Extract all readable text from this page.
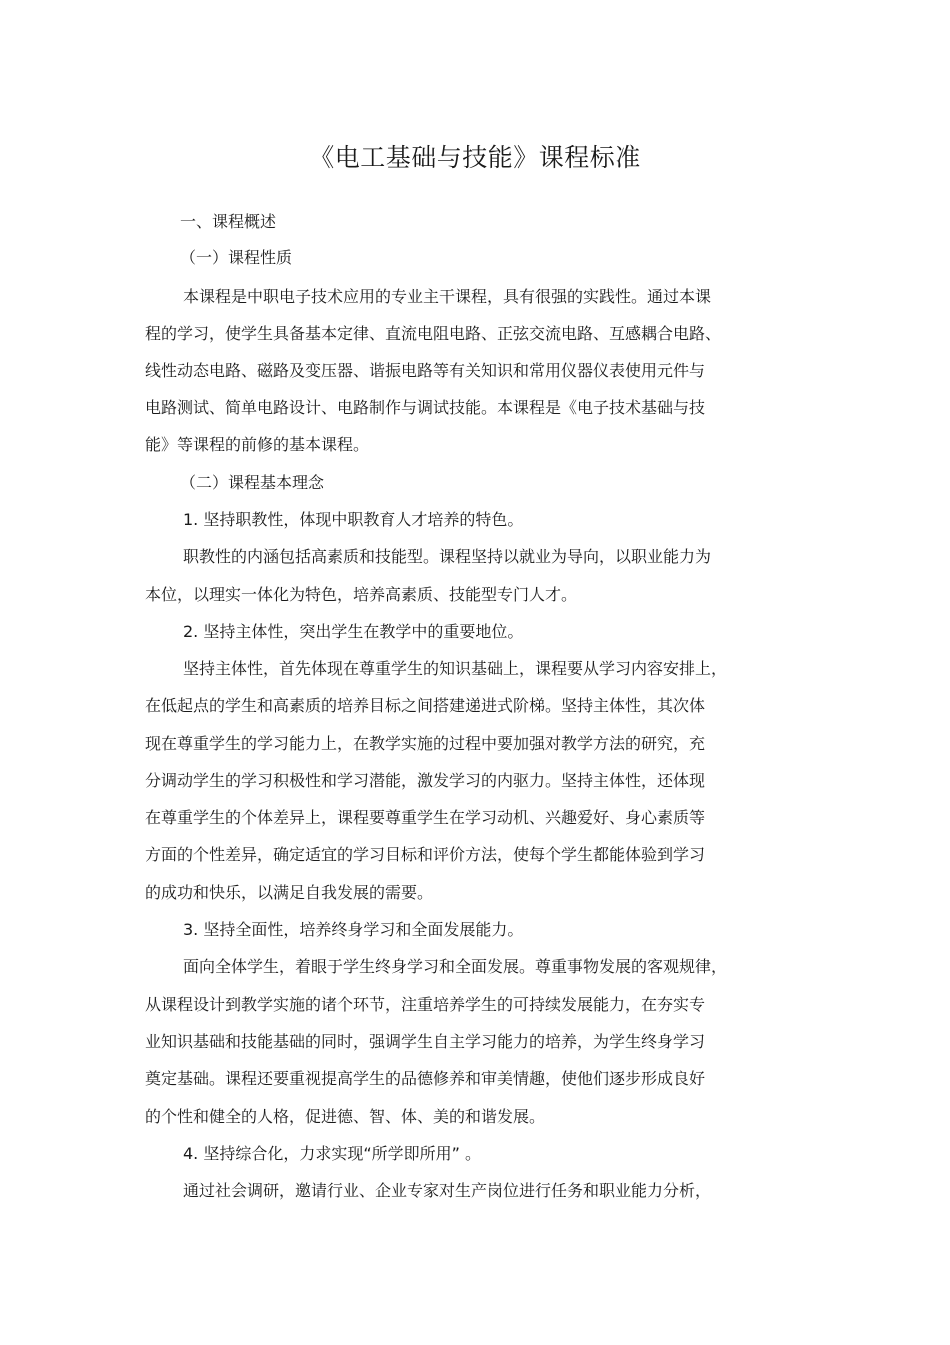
《电工基础与技能》课程标准
一、课程概述
（一）课程性质
本课程是中职电子技术应用的专业主干课程，具有很强的实践性。通过本课
程的学习，使学生具备基本定律、直流电阻电路、正弦交流电路、互感耦合电路、
线性动态电路、磁路及变压器、谐振电路等有关知识和常用仪器仪表使用元件与
电路测试、简单电路设计、电路制作与调试技能。本课程是《电子技术基础与技
能》等课程的前修的基本课程。
（二）课程基本理念
1. 坚持职教性，体现中职教育人才培养的特色。
职教性的内涵包括高素质和技能型。课程坚持以就业为导向，以职业能力为
本位，以理实一体化为特色，培养高素质、技能型专门人才。
2. 坚持主体性，突出学生在教学中的重要地位。
坚持主体性，首先体现在尊重学生的知识基础上，课程要从学习内容安排上，
在低起点的学生和高素质的培养目标之间搭建递进式阶梯。坚持主体性，其次体
现在尊重学生的学习能力上，在教学实施的过程中要加强对教学方法的研究，充
分调动学生的学习积极性和学习潜能，激发学习的内驱力。坚持主体性，还体现
在尊重学生的个体差异上，课程要尊重学生在学习动机、兴趣爱好、身心素质等
方面的个性差异，确定适宜的学习目标和评价方法，使每个学生都能体验到学习
的成功和快乐，以满足自我发展的需要。
3. 坚持全面性，培养终身学习和全面发展能力。
面向全体学生，着眼于学生终身学习和全面发展。尊重事物发展的客观规律，
从课程设计到教学实施的诸个环节，注重培养学生的可持续发展能力，在夯实专
业知识基础和技能基础的同时，强调学生自主学习能力的培养，为学生终身学习
奠定基础。课程还要重视提高学生的品德修养和审美情趣，使他们逐步形成良好
的个性和健全的人格，促进德、智、体、美的和谐发展。
4. 坚持综合化，力求实现“所学即所用” 。
通过社会调研，邀请行业、企业专家对生产岗位进行任务和职业能力分析，
